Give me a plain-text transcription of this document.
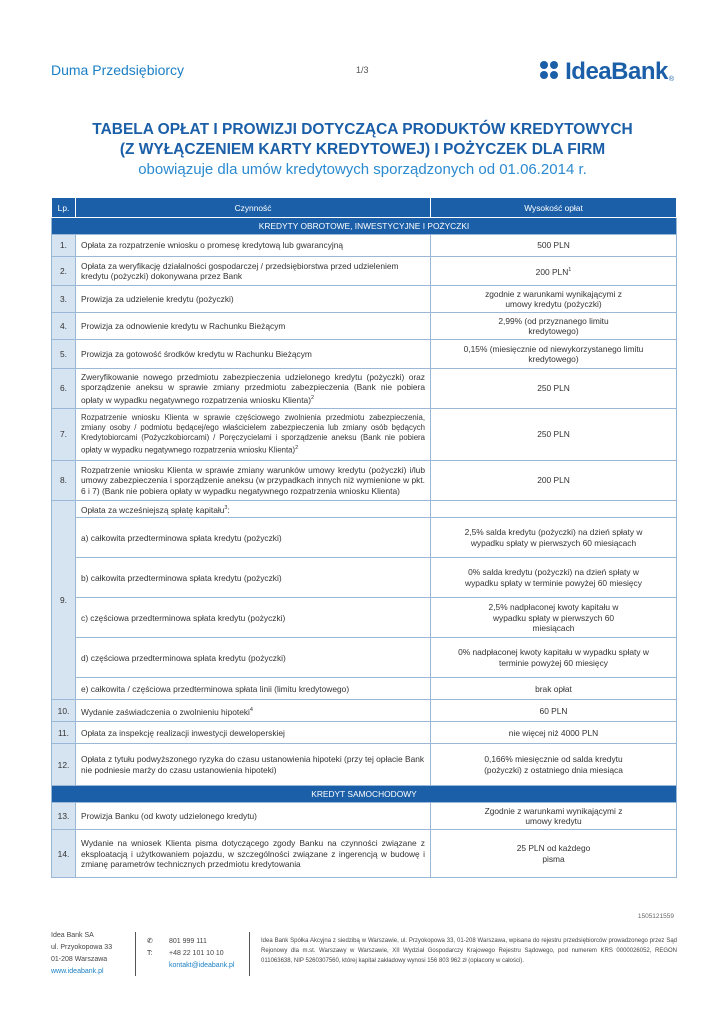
Duma Przedsiębiorcy	1/3	IdeaBank ®
TABELA OPŁAT I PROWIZJI DOTYCZĄCA PRODUKTÓW KREDYTOWYCH
(Z WYŁĄCZENIEM KARTY KREDYTOWEJ) I POŻYCZEK DLA FIRM
obowiązuje dla umów kredytowych sporządzonych od 01.06.2014 r.
Lp.	Czynność	Wysokość opłat
KREDYTY OBROTOWE, INWESTYCYJNE I POŻYCZKI		
1.	Opłata za rozpatrzenie wniosku o promesę kredytową lub gwarancyjną	500 PLN
2.	Opłata za weryfikację działalności gospodarczej / przedsiębiorstwa przed udzieleniem kredytu (pożyczki) dokonywana przez Bank	200 PLN$^1$
3.	Prowizja za udzielenie kredytu (pożyczki)	zgodnie z warunkami wynikającymi z umowy kredytu (pożyczki)
4.	Prowizja za odnowienie kredytu w Rachunku Bieżącym	2,99% (od przyznanego limitu kredytowego)
5.	Prowizja za gotowość środków kredytu w Rachunku Bieżącym	0,15% (miesięcznie od niewykorzystanego limitu kredytowego)
6.	Zweryfikowanie nowego przedmiotu zabezpieczenia udzielonego kredytu (pożyczki) oraz sporządzenie aneksu w sprawie zmiany przedmiotu zabezpieczenia (Bank nie pobiera opłaty w wypadku negatywnego rozpatrzenia wniosku Klienta)$^2$	250 PLN
7.	Rozpatrzenie wniosku Klienta w sprawie częściowego zwolnienia przedmiotu zabezpieczenia, zmiany osoby / podmiotu będącej/ego właścicielem zabezpieczenia lub zmiany osób będących Kredytobiorcami (Pożyczkobiorcami) / Poręczycielami i sporządzenie aneksu (Bank nie pobiera opłaty w wypadku negatywnego rozpatrzenia wniosku Klienta)$^2$	250 PLN
8.	Rozpatrzenie wniosku Klienta w sprawie zmiany warunków umowy kredytu (pożyczki) i/lub umowy zabezpieczenia i sporządzenie aneksu (w przypadkach innych niż wymienione w pkt. 6 i 7) (Bank nie pobiera opłaty w wypadku negatywnego rozpatrzenia wniosku Klienta)	200 PLN
9.	Opłata za wcześniejszą spłatę kapitału$^3$:	
	a) całkowita przedterminowa spłata kredytu (pożyczki)	2,5% salda kredytu (pożyczki) na dzień spłaty w wypadku spłaty w pierwszych 60 miesiącach
	b) całkowita przedterminowa spłata kredytu (pożyczki)	0% salda kredytu (pożyczki) na dzień spłaty w wypadku spłaty w terminie powyżej 60 miesięcy
	c) częściowa przedterminowa spłata kredytu (pożyczki)	2,5% nadpłaconej kwoty kapitału w wypadku spłaty w pierwszych 60 miesiącach
	d) częściowa przedterminowa spłata kredytu (pożyczki)	0% nadpłaconej kwoty kapitału w wypadku spłaty w terminie powyżej 60 miesięcy
	e) całkowita / częściowa przedterminowa spłata linii (limitu kredytowego)	brak opłat
10.	Wydanie zaświadczenia o zwolnieniu hipoteki$^4$	60 PLN
11.	Opłata za inspekcję realizacji inwestycji deweloperskiej	nie więcej niż 4000 PLN
12.	Opłata z tytułu podwyższonego ryzyka do czasu ustanowienia hipoteki (przy tej opłacie Bank nie podniesie marży do czasu ustanowienia hipoteki)	0,166% miesięcznie od salda kredytu (pożyczki) z ostatniego dnia miesiąca
KREDYT SAMOCHODOWY		
13.	Prowizja Banku (od kwoty udzielonego kredytu)	Zgodnie z warunkami wynikającymi z umowy kredytu
14.	Wydanie na wniosek Klienta pisma dotyczącego zgody Banku na czynności związane z eksploatacją i użytkowaniem pojazdu, w szczególności związane z ingerencją w budowę i zmianę parametrów technicznych przedmiotu kredytowania	25 PLN od każdego pisma
1505121559
Idea Bank SA
ul. Przyokopowa 33
01-208 Warszawa
www.ideabank.pl
✆	801 999 111
T:	+48 22 101 10 10
kontakt@ideabank.pl
Idea Bank Spółka Akcyjna z siedzibą w Warszawie, ul. Przyokopowa 33, 01-208 Warszawa, wpisana do rejestru przedsiębiorców prowadzonego przez Sąd Rejonowy dla m.st. Warszawy w Warszawie, XII Wydział Gospodarczy Krajowego Rejestru Sądowego, pod numerem KRS 0000026052, REGON 011063638, NIP 5260307560, której kapitał zakładowy wynosi 156 803 962 zł (opłacony w całości).
